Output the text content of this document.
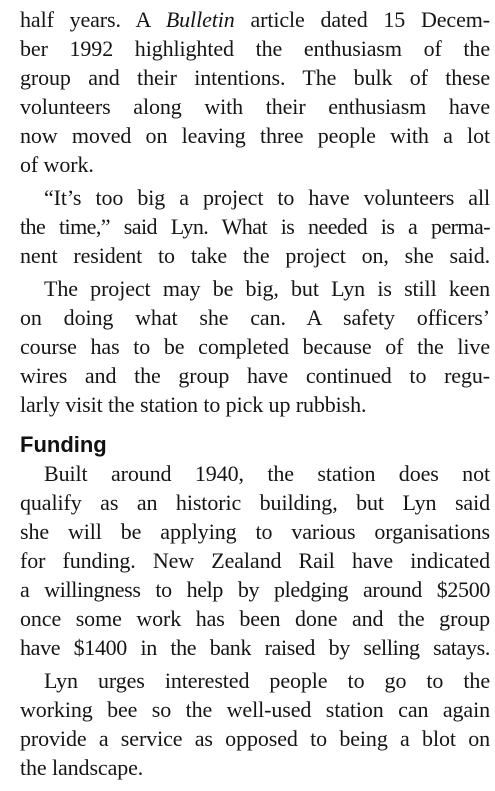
half years. A Bulletin article dated 15 Decem-
ber 1992 highlighted the enthusiasm of the
group and their intentions. The bulk of these
volunteers along with their enthusiasm have
now moved on leaving three people with a lot
of work.
“It’s too big a project to have volunteers all
the time,” said Lyn. What is needed is a perma-
nent resident to take the project on, she said.
The project may be big, but Lyn is still keen
on doing what she can. A safety officers’
course has to be completed because of the live
wires and the group have continued to regu-
larly visit the station to pick up rubbish.
Funding
Built around 1940, the station does not
qualify as an historic building, but Lyn said
she will be applying to various organisations
for funding. New Zealand Rail have indicated
a willingness to help by pledging around $2500
once some work has been done and the group
have $1400 in the bank raised by selling satays.
Lyn urges interested people to go to the
working bee so the well-used station can again
provide a service as opposed to being a blot on
the landscape.
